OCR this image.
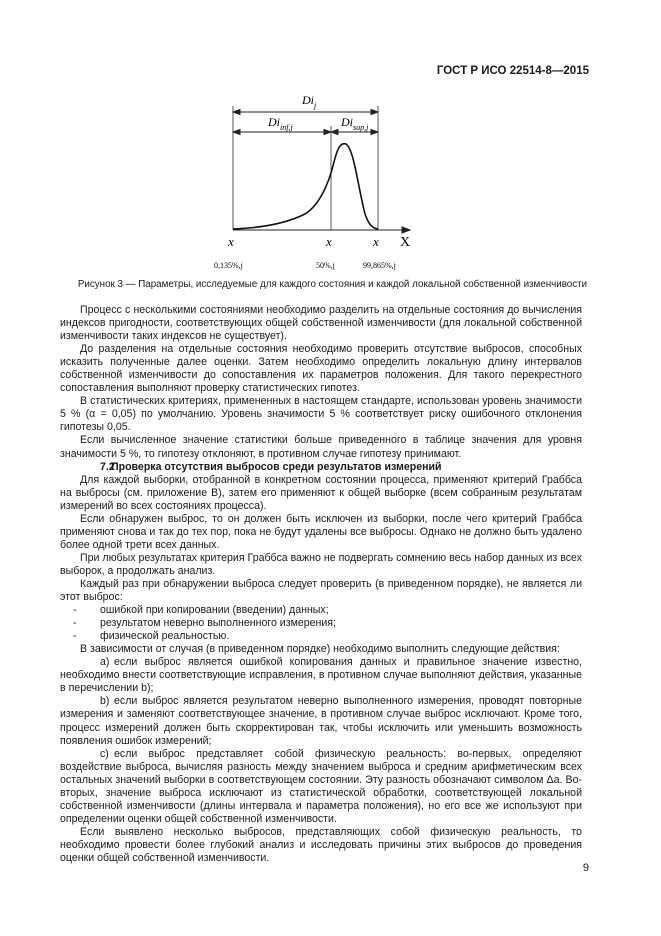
ГОСТ Р ИСО 22514-8—2015
$Di_j$
$Di_{inf,j}$	$Di_{sup,j}$
X
x	x	x
0,135%,j	50%,j	99,865%,j
Рисунок 3 — Параметры, исследуемые для каждого состояния и каждой локальной собственной изменчивости

Процесс с несколькими состояниями необходимо разделить на отдельные состояния до вычисления индексов пригодности, соответствующих общей собственной изменчивости (для локальной собственной изменчивости таких индексов не существует).

До разделения на отдельные состояния необходимо проверить отсутствие выбросов, способных исказить полученные далее оценки. Затем необходимо определить локальную длину интервалов собственной изменчивости до сопоставления их параметров положения. Для такого перекрестного сопоставления выполняют проверку статистических гипотез.

В статистических критериях, примененных в настоящем стандарте, использован уровень значимости 5 % (α = 0,05) по умолчанию. Уровень значимости 5 % соответствует риску ошибочного отклонения гипотезы 0,05.

Если вычисленное значение статистики больше приведенного в таблице значения для уровня значимости 5 %, то гипотезу отклоняют, в противном случае гипотезу принимают.

7.2Проверка отсутствия выбросов среди результатов измерений

Для каждой выборки, отобранной в конкретном состоянии процесса, применяют критерий Граббса на выбросы (см. приложение В), затем его применяют к общей выборке (всем собранным результатам измерений во всех состояниях процесса).

Если обнаружен выброс, то он должен быть исключен из выборки, после чего критерий Граббса применяют снова и так до тех пор, пока не будут удалены все выбросы. Однако не должно быть удалено более одной трети всех данных.

При любых результатах критерия Граббса важно не подвергать сомнению весь набор данных из всех выборок, а продолжать анализ.

Каждый раз при обнаружении выброса следует проверить (в приведенном порядке), не является ли этот выброс:

- ошибкой при копировании (введении) данных;

- результатом неверно выполненного измерения;

- физической реальностью.

В зависимости от случая (в приведенном порядке) необходимо выполнить следующие действия:

a) если выброс является ошибкой копирования данных и правильное значение известно, необходимо внести соответствующие исправления, в противном случае выполняют действия, указанные в перечислении b);

b) если выброс является результатом неверно выполненного измерения, проводят повторные измерения и заменяют соответствующее значение, в противном случае выброс исключают. Кроме того, процесс измерений должен быть скорректирован так, чтобы исключить или уменьшить возможность появления ошибок измерений;

c) если выброс представляет собой физическую реальность: во-первых, определяют воздействие выброса, вычисляя разность между значением выброса и средним арифметическим всех остальных значений выборки в соответствующем состоянии. Эту разность обозначают символом Δa. Во-вторых, значение выброса исключают из статистической обработки, соответствующей локальной собственной изменчивости (длины интервала и параметра положения), но его все же используют при определении оценки общей собственной изменчивости.

Если выявлено несколько выбросов, представляющих собой физическую реальность, то необходимо провести более глубокий анализ и исследовать причины этих выбросов до проведения оценки общей собственной изменчивости.

9
